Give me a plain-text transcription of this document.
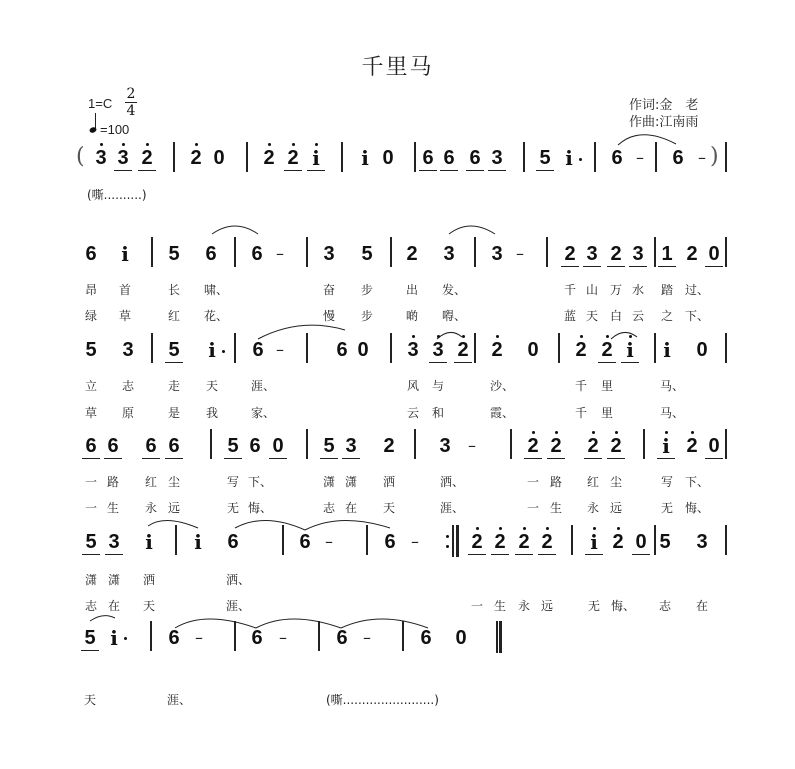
千里马
1=C
2
4
=100
作词:金　老
作曲:江南雨
( 3 3 2 2 0 2 2 i i 0 6 6 6 3 5 i 6 – 6 – )
(嘶..........)
6 i 5 6 6 – 3 5 2 3 3 – 2 3 2 3 1 2 0
昂 首	长 啸、	奋 步	出 发、	千 山 万 水 踏 过、
绿 草	红 花、	慢 步	啲 嘚、	蓝 天 白 云 之 下、
5 3 5 i 6 –	6 0 3 3 2 2 0 2 2 i i 0
立 志	走 天	涯、	风 与	沙、	千 里	马、
草 原	是 我	家、	云 和	霞、	千 里	马、
6 6 6 6 5 6 0 5 3 2 3 –	2 2 2 2 i 2 0
一 路 红 尘	写 下、	潇 潇 洒	洒、	一 路 红 尘	写 下、
一 生 永 远	无 悔、	志 在 天	涯、	一 生 永 远	无 悔、
5 3 i i 6	6 –	6 –	2 2 2 2 i 2 0 5 3
潇 潇 洒	洒、
志 在 天	涯、	一 生 永 远	无 悔、 志 在
5 i	6 – 6 – 6 – 6 0
天	涯、	(嘶........................)
